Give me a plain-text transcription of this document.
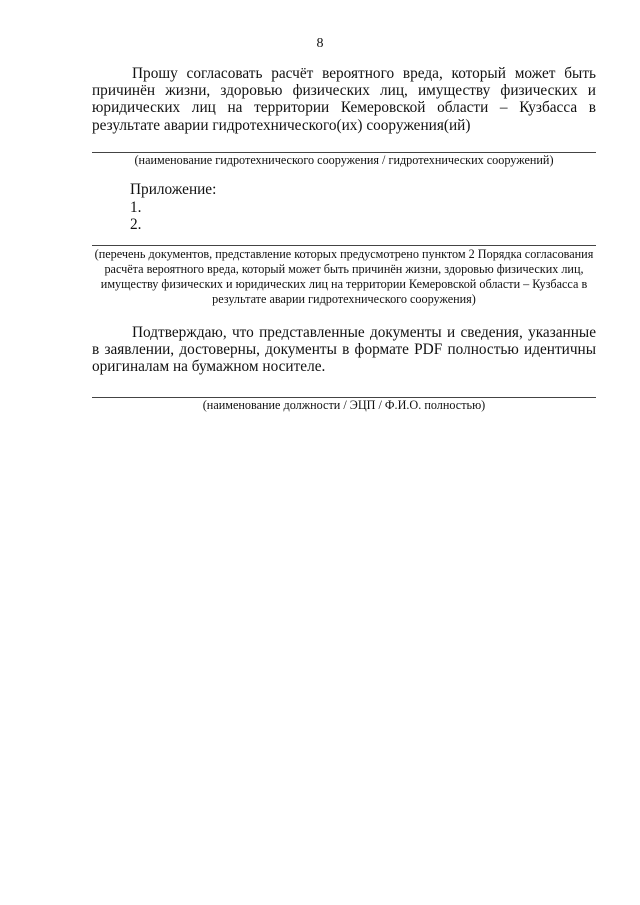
8

Прошу согласовать расчёт вероятного вреда, который может быть причинён жизни, здоровью физических лиц, имуществу физических и юридических лиц на территории Кемеровской области – Кузбасса в результате аварии гидротехнического(их) сооружения(ий)

(наименование гидротехнического сооружения / гидротехнических сооружений)

Приложение:
1.
2.

(перечень документов, представление которых предусмотрено пунктом 2 Порядка согласования расчёта вероятного вреда, который может быть причинён жизни, здоровью физических лиц, имуществу физических и юридических лиц на территории Кемеровской области – Кузбасса в результате аварии гидротехнического сооружения)

Подтверждаю, что представленные документы и сведения, указанные в заявлении, достоверны, документы в формате PDF полностью идентичны оригиналам на бумажном носителе.

(наименование должности / ЭЦП / Ф.И.О. полностью)
